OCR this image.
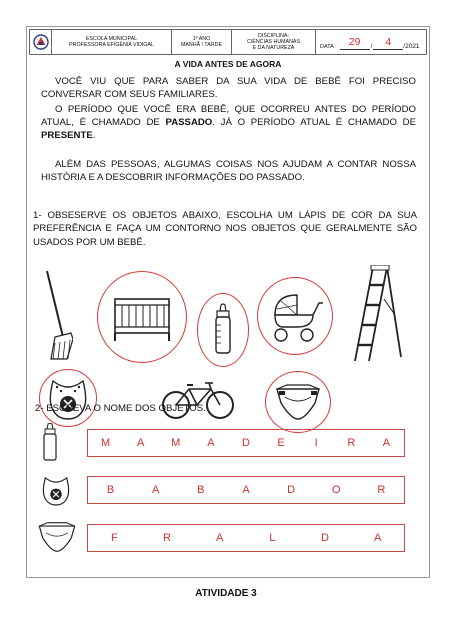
ESCOLA MUNICIPAL
PROFESSORA EFIGÊNIA VIDIGAL
1º ANO
MANHÃ / TARDE
DISCIPLINA:
CIÊNCIAS HUMANAS
E DA NATUREZA	DATA :	29	/	4	/2021
A VIDA ANTES DE AGORA
VOCÊ VIU QUE PARA SABER DA SUA VIDA DE BEBÊ FOI PRECISO CONVERSAR COM SEUS FAMILIARES.
O PERÍODO QUE VOCÊ ERA BEBÊ, QUE OCORREU ANTES DO PERÍODO ATUAL, É CHAMADO DE PASSADO. JÁ O PERÍODO ATUAL É CHAMADO DE PRESENTE.
ALÉM DAS PESSOAS, ALGUMAS COISAS NOS AJUDAM A CONTAR NOSSA HISTÓRIA E A DESCOBRIR INFORMAÇÕES DO PASSADO.
1- OBSESERVE OS OBJETOS ABAIXO, ESCOLHA UM LÁPIS DE COR DA SUA PREFERÊNCIA E FAÇA UM CONTORNO NOS OBJETOS QUE GERALMENTE SÃO USADOS POR UM BEBÊ.
2- ESCREVA O NOME DOS OBJETOS.
M	A	M	A	D	E	I	R	A
B	A	B	A	D	O	R
F	R	A	L	D	A
ATIVIDADE 3
